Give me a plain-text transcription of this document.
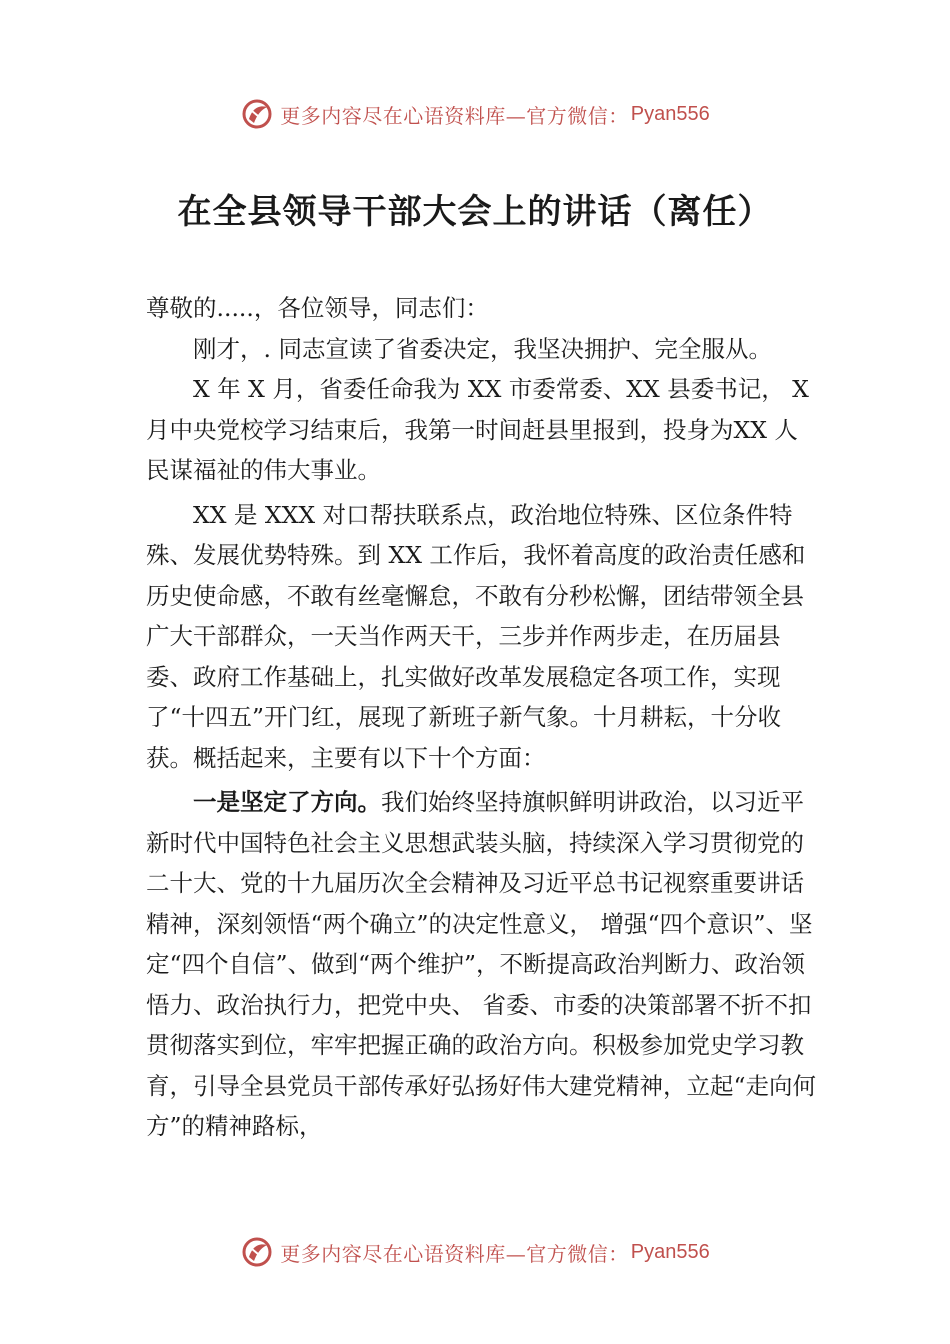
更多内容尽在心语资料库—官方微信： Pyan556
在全县领导干部大会上的讲话（离任）

尊敬的.....，各位领导，同志们：

刚才，. 同志宣读了省委决定，我坚决拥护、完全服从。

X 年 X 月，省委任命我为 XX 市委常委、XX 县委书记， X 月中央党校学习结束后，我第一时间赶县里报到，投身为XX 人民谋福祉的伟大事业。

XX 是 XXX 对口帮扶联系点，政治地位特殊、区位条件特殊、发展优势特殊。到 XX 工作后，我怀着高度的政治责任感和历史使命感，不敢有丝毫懈怠，不敢有分秒松懈，团结带领全县广大干部群众，一天当作两天干，三步并作两步走，在历届县委、政府工作基础上，扎实做好改革发展稳定各项工作，实现了“十四五”开门红，展现了新班子新气象。十月耕耘，十分收获。概括起来，主要有以下十个方面：

一是坚定了方向。我们始终坚持旗帜鲜明讲政治，以习近平新时代中国特色社会主义思想武装头脑，持续深入学习贯彻党的二十大、党的十九届历次全会精神及习近平总书记视察重要讲话精神，深刻领悟“两个确立”的决定性意义， 增强“四个意识”、坚定“四个自信”、做到“两个维护”，不断提高政治判断力、政治领悟力、政治执行力，把党中央、 省委、市委的决策部署不折不扣贯彻落实到位，牢牢把握正确的政治方向。积极参加党史学习教育，引导全县党员干部传承好弘扬好伟大建党精神，立起“走向何方”的精神路标，

更多内容尽在心语资料库—官方微信： Pyan556
